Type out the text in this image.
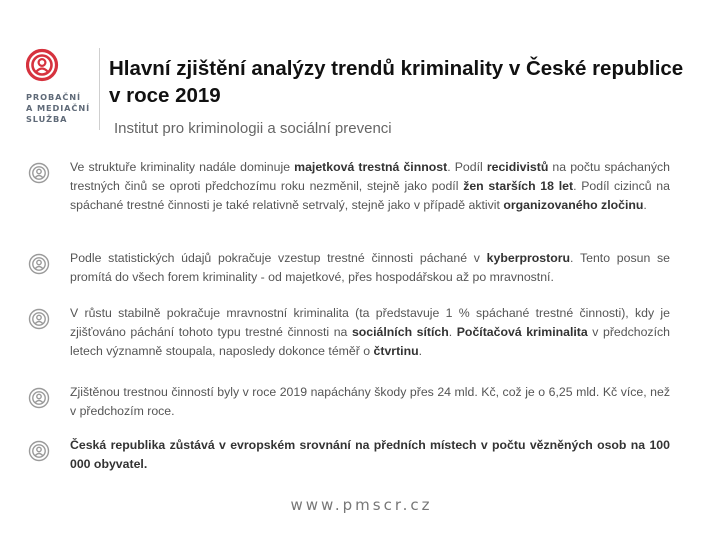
PROBAČNÍ
A MEDIAČNÍ
SLUŽBA
Hlavní zjištění analýzy trendů kriminality v České republice v roce 2019

Institut pro kriminologii a sociální prevenci

Ve struktuře kriminality nadále dominuje majetková trestná činnost. Podíl recidivistů na počtu spáchaných trestných činů se oproti předchozímu roku nezměnil, stejně jako podíl žen starších 18 let. Podíl cizinců na spáchané trestné činnosti je také relativně setrvalý, stejně jako v případě aktivit organizovaného zločinu.

Podle statistických údajů pokračuje vzestup trestné činnosti páchané v kyberprostoru. Tento posun se promítá do všech forem kriminality - od majetkové, přes hospodářskou až po mravnostní.

V růstu stabilně pokračuje mravnostní kriminalita (ta představuje 1 % spáchané trestné činnosti), kdy je zjišťováno páchání tohoto typu trestné činnosti na sociálních sítích. Počítačová kriminalita v předchozích letech významně stoupala, naposledy dokonce téměř o čtvrtinu.

Zjištěnou trestnou činností byly v roce 2019 napáchány škody přes 24 mld. Kč, což je o 6,25 mld. Kč více, než v předchozím roce.

Česká republika zůstává v evropském srovnání na předních místech v počtu vězněných osob na 100 000 obyvatel.

www.pmscr.cz
